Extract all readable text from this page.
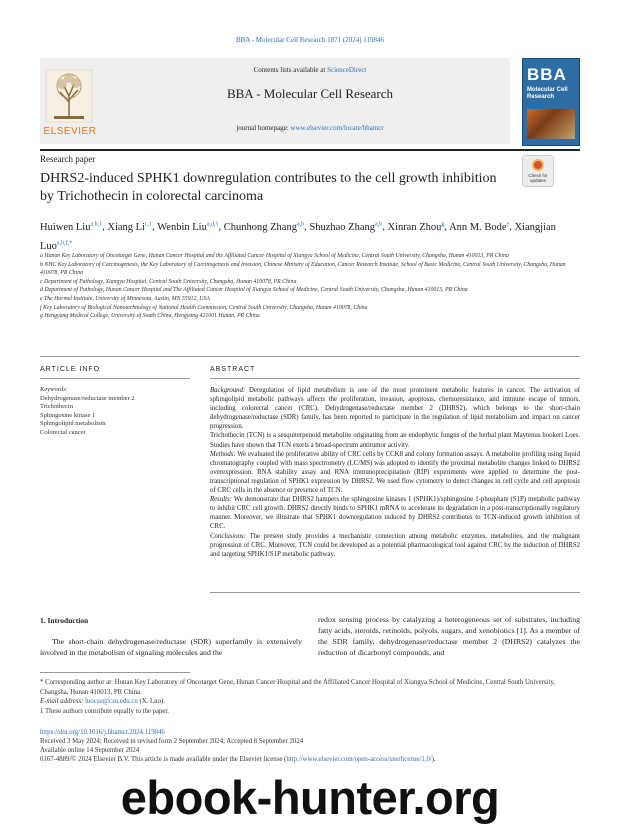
BBA - Molecular Cell Research 1871 (2024) 119846
ELSEVIER
Contents lists available at ScienceDirect
BBA - Molecular Cell Research
journal homepage: www.elsevier.com/locate/bbamcr
BBA
Molecular Cell Research
Research paper
DHRS2-induced SPHK1 downregulation contributes to the cell growth inhibition by Trichothecin in colorectal carcinoma
Check for updates
Huiwen Liu$^{a,b,1}$, Xiang Li$^{c,1}$, Wenbin Liu$^{a,d,1}$, Chunhong Zhang$^{a,b}$, Shuzhao Zhang$^{a,b}$, Xinran Zhou$^g$, Ann M. Bode$^e$, Xiangjian Luo$^{a,b,f,*}$

a Hunan Key Laboratory of Oncotarget Gene, Hunan Cancer Hospital and the Affiliated Cancer Hospital of Xiangya School of Medicine, Central South University, Changsha, Hunan 410013, PR China

b NHC Key Laboratory of Carcinogenesis, the Key Laboratory of Carcinogenesis and Invasion, Chinese Ministry of Education, Cancer Research Institute, School of Basic Medicine, Central South University, Changsha, Hunan 410078, PR China

c Department of Pathology, Xiangya Hospital, Central South University, Changsha, Hunan 410078, PR China

d Department of Pathology, Hunan Cancer Hospital and The Affiliated Cancer Hospital of Xiangya School of Medicine, Central South University, Changsha, Hunan 410013, PR China

e The Hormel Institute, University of Minnesota, Austin, MN 55912, USA

f Key Laboratory of Biological Nanotechnology of National Health Commission, Central South University, Changsha, Hunan 410078, China

g Hengyang Medical College, University of South China, Hengyang 421001 Hunan, PR China

ARTICLE INFO	ABSTRACT
Keywords:
Dehydrogenase/reductase member 2
Trichothecin
Sphingosine kinase 1
Sphingolipid metabolism
Colorectal cancer

Background: Deregulation of lipid metabolism is one of the most prominent metabolic features in cancer. The activation of sphingolipid metabolic pathways affects the proliferation, invasion, apoptosis, chemoresistance, and immune escape of tumors, including colorectal cancer (CRC). Dehydrogenase/reductase member 2 (DHRS2), which belongs to the short-chain dehydrogenase/reductase (SDR) family, has been reported to participate in the regulation of lipid metabolism and impact on cancer progression.

Trichothecin (TCN) is a sesquiterpenoid metabolite originating from an endophytic fungus of the herbal plant Maytenus hookeri Loes. Studies have shown that TCN exerts a broad-spectrum antitumor activity.

Methods: We evaluated the proliferative ability of CRC cells by CCK8 and colony formation assays. A metabolite profiling using liquid chromatography coupled with mass spectrometry (LC/MS) was adopted to identify the proximal metabolite changes linked to DHRS2 overexpression. RNA stability assay and RNA immunoprecipitation (RIP) experiments were applied to determine the post-transcriptional regulation of SPHK1 expression by DHRS2. We used flow cytometry to detect changes in cell cycle and cell apoptosis of CRC cells in the absence or presence of TCN.

Results: We demonstrate that DHRS2 hampers the sphingosine kinases 1 (SPHK1)/sphingosine 1-phosphate (S1P) metabolic pathway to inhibit CRC cell growth. DHRS2 directly binds to SPHK1 mRNA to accelerate its degradation in a post-transcriptionally regulatory manner. Moreover, we illustrate that SPHK1 downregulation induced by DHRS2 contributes to TCN-induced growth inhibition of CRC.

Conclusions: The present study provides a mechanistic connection among metabolic enzymes, metabolites, and the malignant progression of CRC. Moreover, TCN could be developed as a potential pharmacological tool against CRC by the induction of DHRS2 and targeting SPHK1/S1P metabolic pathway.

1. Introduction
The short-chain dehydrogenase/reductase (SDR) superfamily is extensively involved in the metabolism of signaling molecules and the
redox sensing process by catalyzing a heterogeneous set of substrates, including fatty acids, steroids, retinoids, polyols, sugars, and xenobiotics [1]. As a member of the SDR family, dehydrogenase/reductase member 2 (DHRS2) catalyzes the reduction of dicarbonyl compounds, and

* Corresponding author at: Hunan Key Laboratory of Oncotarget Gene, Hunan Cancer Hospital and the Affiliated Cancer Hospital of Xiangya School of Medicine, Central South University, Changsha, Hunan 410013, PR China.

E-mail address: luocsu@csu.edu.cn (X. Luo).

1 These authors contribute equally to the paper.

https://doi.org/10.1016/j.bbamcr.2024.119846

Received 3 May 2024; Received in revised form 2 September 2024; Accepted 8 September 2024

Available online 14 September 2024

0167-4889/© 2024 Elsevier B.V. This article is made available under the Elsevier license (http://www.elsevier.com/open-access/userlicense/1.0/).

ebook-hunter.org
